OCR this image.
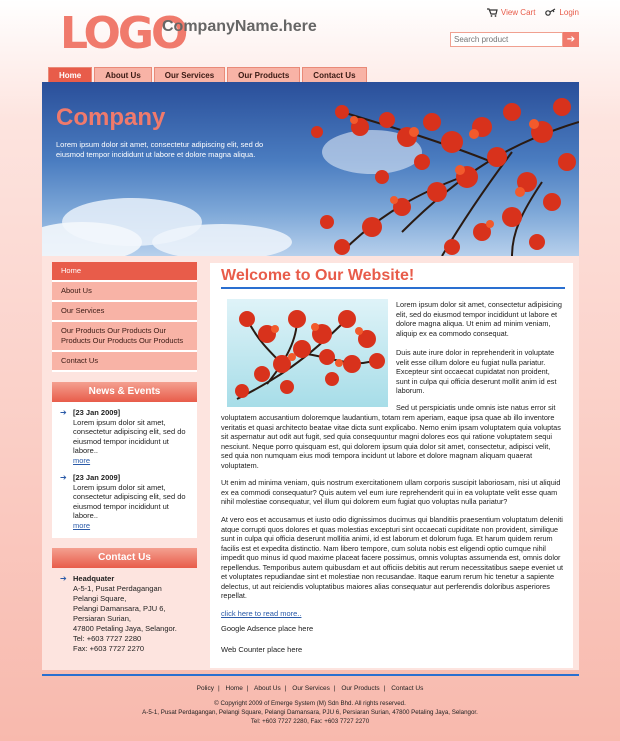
LOGO
CompanyName.here
View Cart	Login
Search product
➔
Home	About Us	Our Services	Our Products	Contact Us
Company
Lorem ipsum dolor sit amet, consectetur adipiscing elit, sed do eiusmod tempor incididunt ut labore et dolore magna aliqua.
Home
About Us
Our Services
Our Products Our Products Our Products Our Products Our Products
Contact Us
News & Events
➔ [23 Jan 2009]
Lorem ipsum dolor sit amet, consectetur adipiscing elit, sed do eiusmod tempor incididunt ut labore..
more
➔ [23 Jan 2009]
Lorem ipsum dolor sit amet, consectetur adipiscing elit, sed do eiusmod tempor incididunt ut labore..
more
Contact Us
➔ Headquater
A-5-1, Pusat Perdagangan
Pelangi Square,
Pelangi Damansara, PJU 6,
Persiaran Surian,
47800 Petaling Jaya, Selangor.
Tel: +603 7727 2280
Fax: +603 7727 2270
Welcome to Our Website!
Lorem ipsum dolor sit amet, consectetur adipisicing elit, sed do eiusmod tempor incididunt ut labore et dolore magna aliqua. Ut enim ad minim veniam, aliquip ex ea commodo consequat.
Duis aute irure dolor in reprehenderit in voluptate velit esse cillum dolore eu fugiat nulla pariatur. Excepteur sint occaecat cupidatat non proident, sunt in culpa qui officia deserunt mollit anim id est laborum.
Sed ut perspiciatis unde omnis iste natus error sit
voluptatem accusantium doloremque laudantium, totam rem aperiam, eaque ipsa quae ab illo inventore veritatis et quasi architecto beatae vitae dicta sunt explicabo. Nemo enim ipsam voluptatem quia voluptas sit aspernatur aut odit aut fugit, sed quia consequuntur magni dolores eos qui ratione voluptatem sequi nesciunt. Neque porro quisquam est, qui dolorem ipsum quia dolor sit amet, consectetur, adipisci velit, sed quia non numquam eius modi tempora incidunt ut labore et dolore magnam aliquam quaerat voluptatem.
Ut enim ad minima veniam, quis nostrum exercitationem ullam corporis suscipit laboriosam, nisi ut aliquid ex ea commodi consequatur? Quis autem vel eum iure reprehenderit qui in ea voluptate velit esse quam nihil molestiae consequatur, vel illum qui dolorem eum fugiat quo voluptas nulla pariatur?
At vero eos et accusamus et iusto odio dignissimos ducimus qui blanditiis praesentium voluptatum deleniti atque corrupti quos dolores et quas molestias excepturi sint occaecati cupiditate non provident, similique sunt in culpa qui officia deserunt mollitia animi, id est laborum et dolorum fuga. Et harum quidem rerum facilis est et expedita distinctio. Nam libero tempore, cum soluta nobis est eligendi optio cumque nihil impedit quo minus id quod maxime placeat facere possimus, omnis voluptas assumenda est, omnis dolor repellendus. Temporibus autem quibusdam et aut officiis debitis aut rerum necessitatibus saepe eveniet ut et voluptates repudiandae sint et molestiae non recusandae. Itaque earum rerum hic tenetur a sapiente delectus, ut aut reiciendis voluptatibus maiores alias consequatur aut perferendis doloribus asperiores repellat.
click here to read more..
Google Adsence place here
Web Counter place here
Policy | Home | About Us | Our Services | Our Products | Contact Us
© Copyright 2009 of Emerge System (M) Sdn Bhd. All rights reserved.
A-5-1, Pusat Perdagangan, Pelangi Square, Pelangi Damansara, PJU 6, Persiaran Surian, 47800 Petaling Jaya, Selangor.
Tel: +603 7727 2280, Fax: +603 7727 2270
